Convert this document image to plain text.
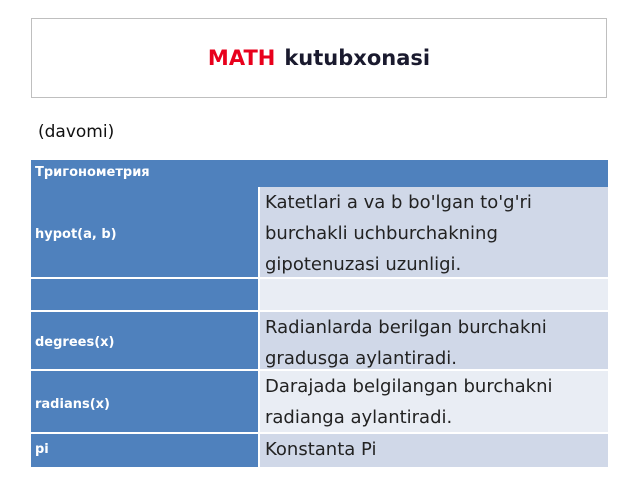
MATH kutubxonasi
(davomi)
Тригонометрия
hypot(a, b)
Katetlari a va b bo'lgan to'g'ri burchakli uchburchakning gipotenuzasi uzunligi.
degrees(x)
Radianlarda berilgan burchakni gradusga aylantiradi.
radians(x)
Darajada belgilangan burchakni radianga aylantiradi.
pi	Konstanta Pi
